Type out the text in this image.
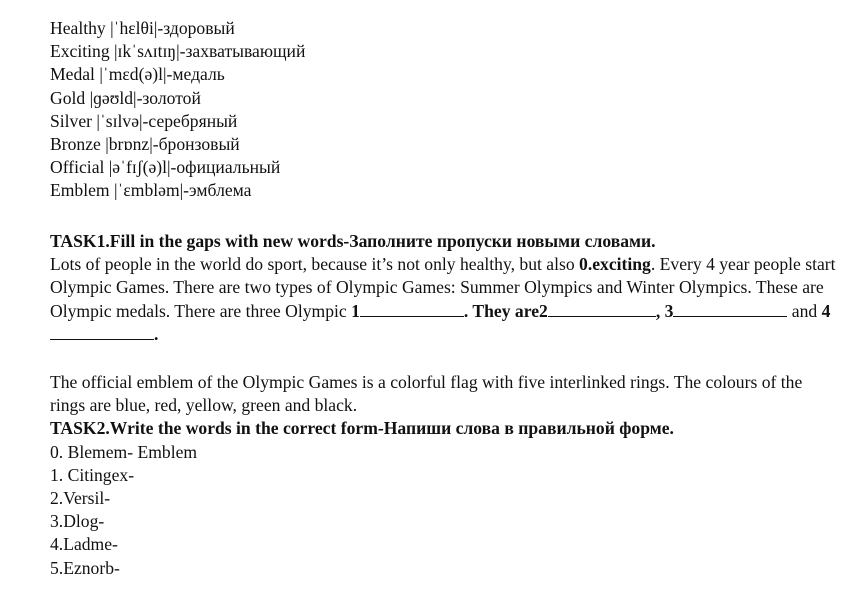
Healthy |ˈhɛlθi|-здоровый
Exciting |ɪkˈsʌɪtɪŋ|-захватывающий
Medal |ˈmɛd(ə)l|-медаль
Gold |ɡəʊld|-золотой
Silver |ˈsɪlvə|-серебряный
Bronze |brɒnz|-бронзовый
Official |əˈfɪʃ(ə)l|-официальный
Emblem |ˈɛmbləm|-эмблема
TASK1.Fill in the gaps with new words-Заполните пропуски новыми словами.

Lots of people in the world do sport, because it’s not only healthy, but also 0.exciting. Every 4 year people start Olympic Games. There are two types of Olympic Games: Summer Olympics and Winter Olympics. These are Olympic medals. There are three Olympic 1	. They are2	, 3	and 4.

The official emblem of the Olympic Games is a colorful flag with five interlinked rings. The colours of the rings are blue, red, yellow, green and black.

TASK2.Write the words in the correct form-Напиши слова в правильной форме.
0. Blemem- Emblem
1. Citingex-
2.Versil-
3.Dlog-
4.Ladme-
5.Eznorb-
